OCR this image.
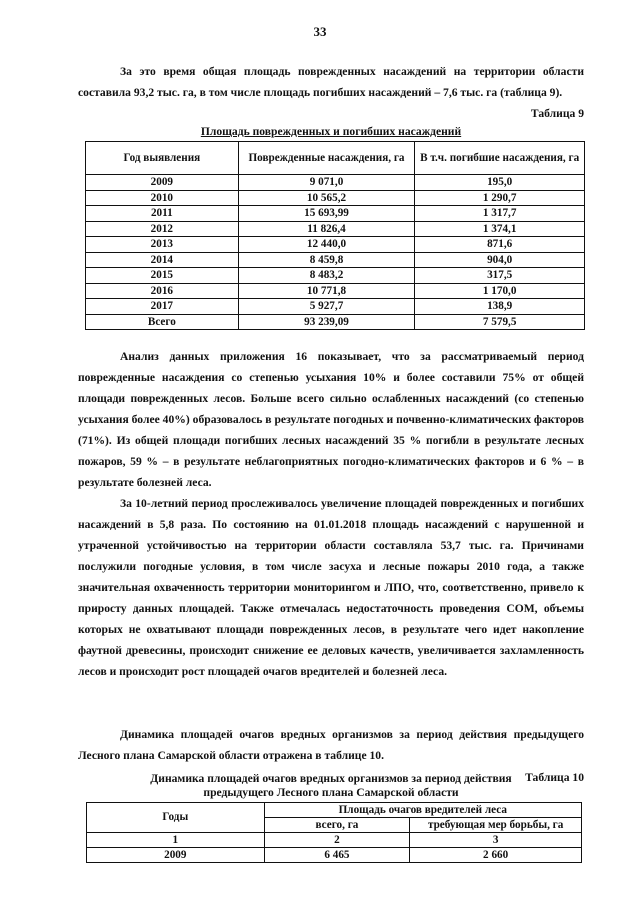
33
За это время общая площадь поврежденных насаждений на территории области составила 93,2 тыс. га, в том числе площадь погибших насаждений – 7,6 тыс. га (таблица 9).
Таблица 9
Площадь поврежденных и погибших насаждений
Год выявления	Поврежденные насаждения, га	В т.ч. погибшие насаждения, га
2009	9 071,0	195,0
2010	10 565,2	1 290,7
2011	15 693,99	1 317,7
2012	11 826,4	1 374,1
2013	12 440,0	871,6
2014	8 459,8	904,0
2015	8 483,2	317,5
2016	10 771,8	1 170,0
2017	5 927,7	138,9
Всего	93 239,09	7 579,5
Анализ данных приложения 16 показывает, что за рассматриваемый период поврежденные насаждения со степенью усыхания 10% и более составили 75% от общей площади поврежденных лесов. Больше всего сильно ослабленных насаждений (со степенью усыхания более 40%) образовалось в результате погодных и почвенно-климатических факторов (71%). Из общей площади погибших лесных насаждений 35 % погибли в результате лесных пожаров, 59 % – в результате неблагоприятных погодно-климатических факторов и 6 % – в результате болезней леса.
За 10-летний период прослеживалось увеличение площадей поврежденных и погибших насаждений в 5,8 раза. По состоянию на 01.01.2018 площадь насаждений с нарушенной и утраченной устойчивостью на территории области составляла 53,7 тыс. га. Причинами послужили погодные условия, в том числе засуха и лесные пожары 2010 года, а также значительная охваченность территории мониторингом и ЛПО, что, соответственно, привело к приросту данных площадей. Также отмечалась недостаточность проведения СОМ, объемы которых не охватывают площади поврежденных лесов, в результате чего идет накопление фаутной древесины, происходит снижение ее деловых качеств, увеличивается захламленность лесов и происходит рост площадей очагов вредителей и болезней леса.
Динамика площадей очагов вредных организмов за период действия предыдущего Лесного плана Самарской области отражена в таблице 10.
Таблица 10
Динамика площадей очагов вредных организмов за период действия
предыдущего Лесного плана Самарской области
Годы	Площадь очагов вредителей леса	
	всего, га	требующая мер борьбы, га
1	2	3
2009	6 465	2 660
